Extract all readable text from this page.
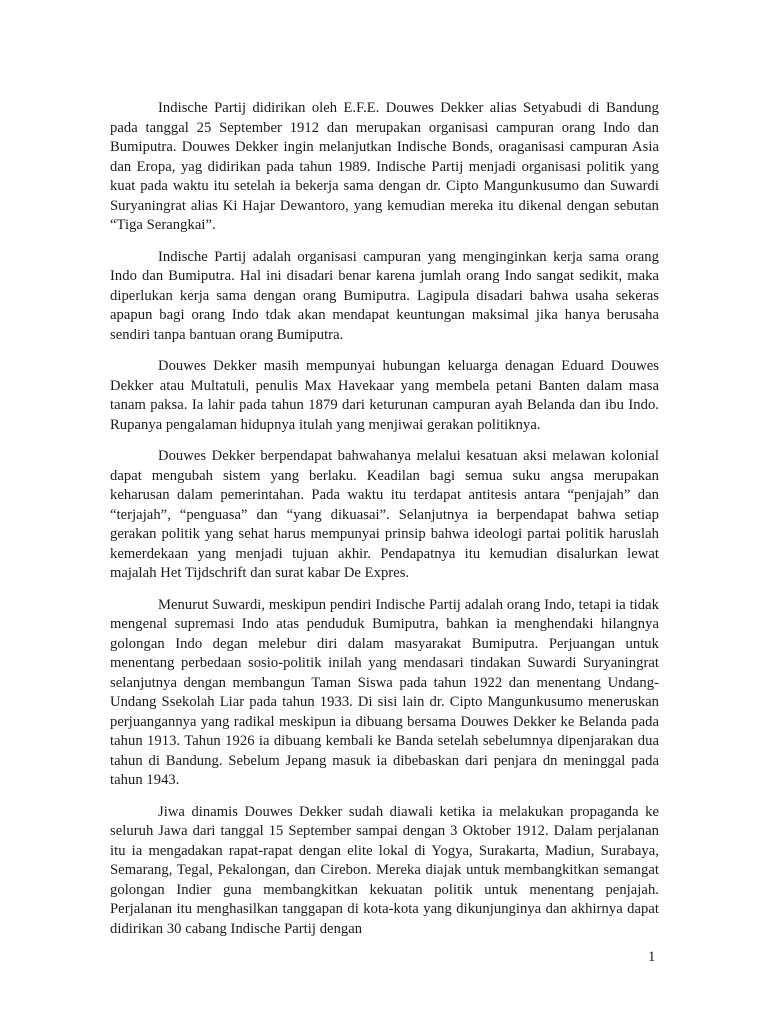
Indische Partij didirikan oleh E.F.E. Douwes Dekker alias Setyabudi di Bandung pada tanggal 25 September 1912 dan merupakan organisasi campuran orang Indo dan Bumiputra. Douwes Dekker ingin melanjutkan Indische Bonds, oraganisasi campuran Asia dan Eropa, yag didirikan pada tahun 1989. Indische Partij menjadi organisasi politik yang kuat pada waktu itu setelah ia bekerja sama dengan dr. Cipto Mangunkusumo dan Suwardi Suryaningrat alias Ki Hajar Dewantoro, yang kemudian mereka itu dikenal dengan sebutan “Tiga Serangkai”.

Indische Partij adalah organisasi campuran yang menginginkan kerja sama orang Indo dan Bumiputra. Hal ini disadari benar karena jumlah orang Indo sangat sedikit, maka diperlukan kerja sama dengan orang Bumiputra. Lagipula disadari bahwa usaha sekeras apapun bagi orang Indo tdak akan mendapat keuntungan maksimal jika hanya berusaha sendiri tanpa bantuan orang Bumiputra.

Douwes Dekker masih mempunyai hubungan keluarga denagan Eduard Douwes Dekker atau Multatuli, penulis Max Havekaar yang membela petani Banten dalam masa tanam paksa. Ia lahir pada tahun 1879 dari keturunan campuran ayah Belanda dan ibu Indo. Rupanya pengalaman hidupnya itulah yang menjiwai gerakan politiknya.

Douwes Dekker berpendapat bahwahanya melalui kesatuan aksi melawan kolonial dapat mengubah sistem yang berlaku. Keadilan bagi semua suku angsa merupakan keharusan dalam pemerintahan. Pada waktu itu terdapat antitesis antara “penjajah” dan “terjajah”, “penguasa” dan “yang dikuasai”. Selanjutnya ia berpendapat bahwa setiap gerakan politik yang sehat harus mempunyai prinsip bahwa ideologi partai politik haruslah kemerdekaan yang menjadi tujuan akhir. Pendapatnya itu kemudian disalurkan lewat majalah Het Tijdschrift dan surat kabar De Expres.

Menurut Suwardi, meskipun pendiri Indische Partij adalah orang Indo, tetapi ia tidak mengenal supremasi Indo atas penduduk Bumiputra, bahkan ia menghendaki hilangnya golongan Indo degan melebur diri dalam masyarakat Bumiputra. Perjuangan untuk menentang perbedaan sosio-politik inilah yang mendasari tindakan Suwardi Suryaningrat selanjutnya dengan membangun Taman Siswa pada tahun 1922 dan menentang Undang-Undang Ssekolah Liar pada tahun 1933. Di sisi lain dr. Cipto Mangunkusumo meneruskan perjuangannya yang radikal meskipun ia dibuang bersama Douwes Dekker ke Belanda pada tahun 1913. Tahun 1926 ia dibuang kembali ke Banda setelah sebelumnya dipenjarakan dua tahun di Bandung. Sebelum Jepang masuk ia dibebaskan dari penjara dn meninggal pada tahun 1943.

Jiwa dinamis Douwes Dekker sudah diawali ketika ia melakukan propaganda ke seluruh Jawa dari tanggal 15 September sampai dengan 3 Oktober 1912. Dalam perjalanan itu ia mengadakan rapat-rapat dengan elite lokal di Yogya, Surakarta, Madiun, Surabaya, Semarang, Tegal, Pekalongan, dan Cirebon. Mereka diajak untuk membangkitkan semangat golongan Indier guna membangkitkan kekuatan politik untuk menentang penjajah. Perjalanan itu menghasilkan tanggapan di kota-kota yang dikunjunginya dan akhirnya dapat didirikan 30 cabang Indische Partij dengan

1
